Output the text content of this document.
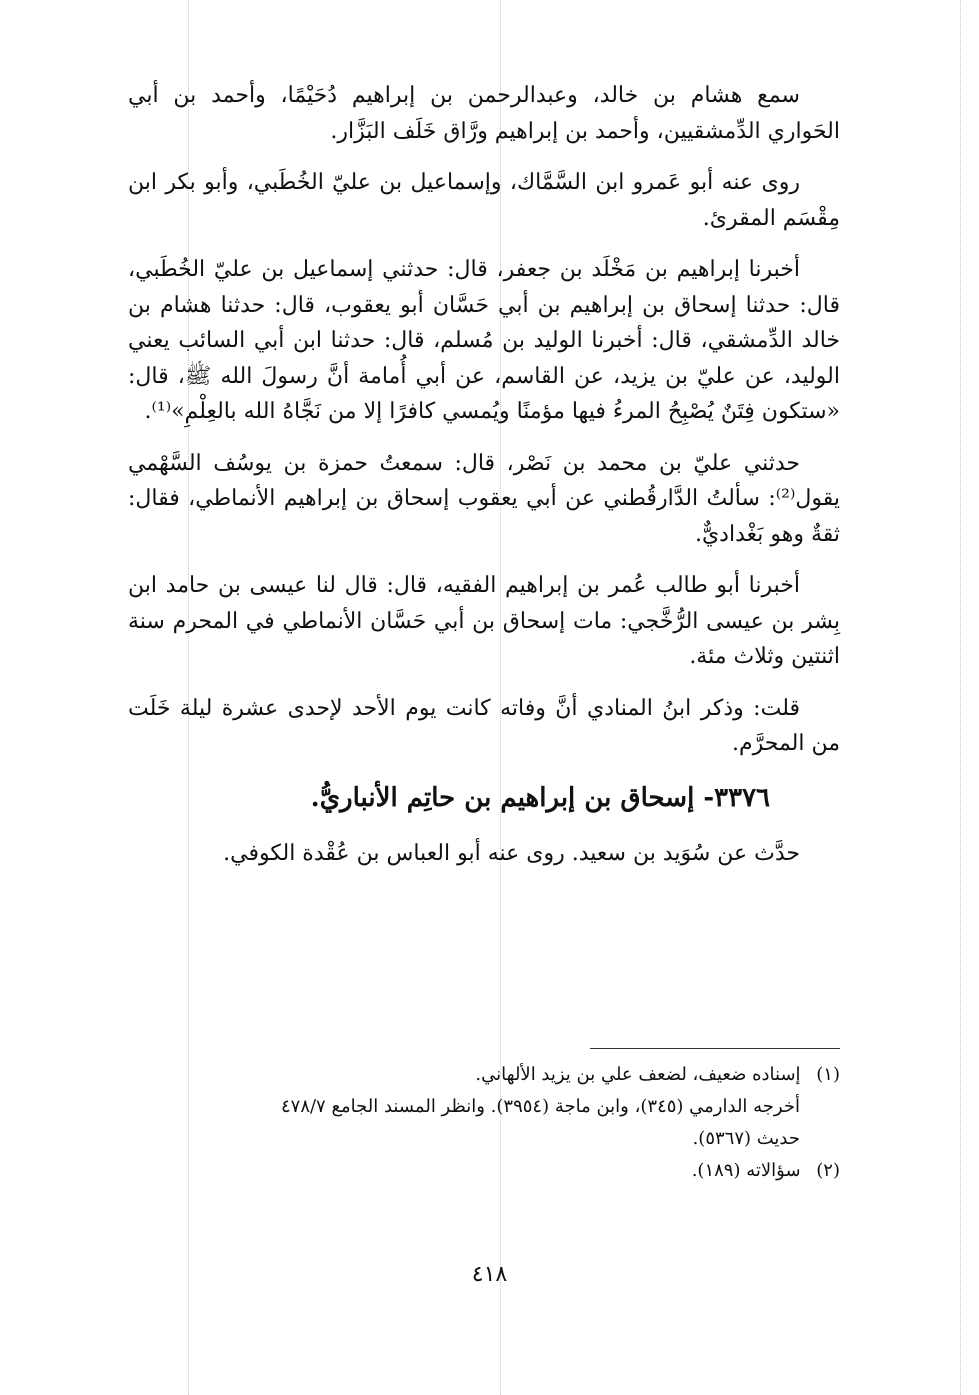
سمع هشام بن خالد، وعبدالرحمن بن إبراهيم دُحَيْمًا، وأحمد بن أبي الحَواري الدِّمشقيين، وأحمد بن إبراهيم ورَّاق خَلَف البَزَّار.

روى عنه أبو عَمرو ابن السَّمَّاك، وإسماعيل بن عليّ الخُطَبي، وأبو بكر ابن مِقْسَم المقرئ.

أخبرنا إبراهيم بن مَخْلَد بن جعفر، قال: حدثني إسماعيل بن عليّ الخُطَبي، قال: حدثنا إسحاق بن إبراهيم بن أبي حَسَّان أبو يعقوب، قال: حدثنا هشام بن خالد الدِّمشقي، قال: أخبرنا الوليد بن مُسلم، قال: حدثنا ابن أبي السائب يعني الوليد، عن عليّ بن يزيد، عن القاسم، عن أبي أُمامة أنَّ رسولَ الله ﷺ، قال: «ستكون فِتَنٌ يُصْبِحُ المرءُ فيها مؤمنًا ويُمسي كافرًا إلا من نَجَّاهُ الله بالعِلْمِ»⁽¹⁾.

حدثني عليّ بن محمد بن نَصْر، قال: سمعتُ حمزة بن يوسُف السَّهْمي يقول⁽²⁾: سألتُ الدَّارقُطني عن أبي يعقوب إسحاق بن إبراهيم الأنماطي، فقال: ثقةٌ وهو بَغْداديٌّ.

أخبرنا أبو طالب عُمر بن إبراهيم الفقيه، قال: قال لنا عيسى بن حامد ابن بِشر بن عيسى الرُّخَّجي: مات إسحاق بن أبي حَسَّان الأنماطي في المحرم سنة اثنتين وثلاث مئة.

قلت: وذكر ابنُ المنادي أنَّ وفاته كانت يوم الأحد لإحدى عشرة ليلة خَلَت من المحرَّم.

٣٣٧٦- إسحاق بن إبراهيم بن حاتِم الأنباريُّ.

حدَّث عن سُوَيد بن سعيد. روى عنه أبو العباس بن عُقْدة الكوفي.

(١) إسناده ضعيف، لضعف علي بن يزيد الألهاني.
أخرجه الدارمي (٣٤٥)، وابن ماجة (٣٩٥٤). وانظر المسند الجامع ٤٧٨/٧
حديث (٥٣٦٧).
(٢) سؤالاته (١٨٩).
٤١٨
